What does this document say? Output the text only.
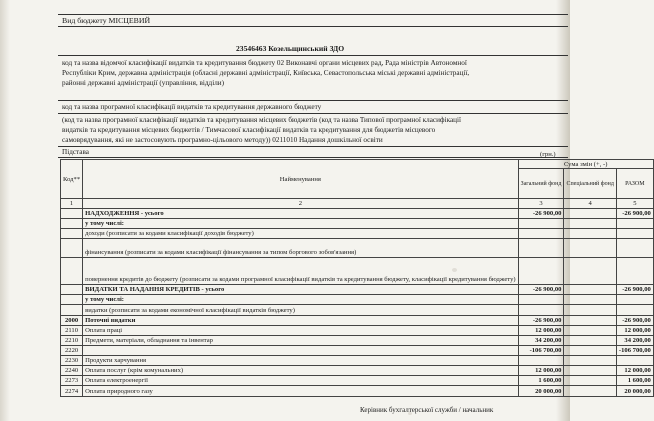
Вид бюджету МІСЦЕВИЙ
23546463 Козельщинський ЗДО
код та назва відомчої класифікації видатків та кредитування бюджету 02 Виконавчі органи місцевих рад, Рада міністрів Автономної
Республіки Крим, державна адміністрація (обласні державні адміністрації, Київська, Севастопольська міські державні адміністрації,
районні державні адміністрації (управління, відділи)
код та назва програмної класифікації видатків та кредитування державного бюджету
(код та назва програмної класифікації видатків та кредитування місцевих бюджетів (код та назва Типової програмної класифікації
видатків та кредитування місцевих бюджетів / Тимчасової класифікації видатків та кредитування для бюджетів місцевого
самоврядування, які не застосовують програмно-цільового методу)) 0211010 Надання дошкільної освіти
Підстава	(грн.)
Код**	Найменування	Сума змін (+, -)		
		Загальний фонд	Спеціальний фонд	РАЗОМ
1	2	3	4	5
	НАДХОДЖЕННЯ - усього	-26 900,00		-26 900,00
	у тому числі:			
	доходи (розписати за кодами класифікації доходів бюджету)			
	фінансування (розписати за кодами класифікації фінансування за типом боргового зобов'язання)			
	повернення кредитів до бюджету (розписати за кодами програмної класифікації видатків та кредитування бюджету, класифікації кредитування бюджету)			
	ВИДАТКИ ТА НАДАННЯ КРЕДИТІВ - усього	-26 900,00		-26 900,00
	у тому числі:			
	видатки (розписати за кодами економічної класифікації видатків бюджету)			
2000	Поточні видатки	-26 900,00		-26 900,00
2110	Оплата праці	12 000,00		12 000,00
2210	Предмети, матеріали, обладнання та інвентар	34 200,00		34 200,00
2220		-106 700,00		-106 700,00
2230	Продукти харчування			
2240	Оплата послуг (крім комунальних)	12 000,00		12 000,00
2273	Оплата електроенергії	1 600,00		1 600,00
2274	Оплата природного газу	20 000,00		20 000,00
Керівник бухгалтерської служби / начальник
